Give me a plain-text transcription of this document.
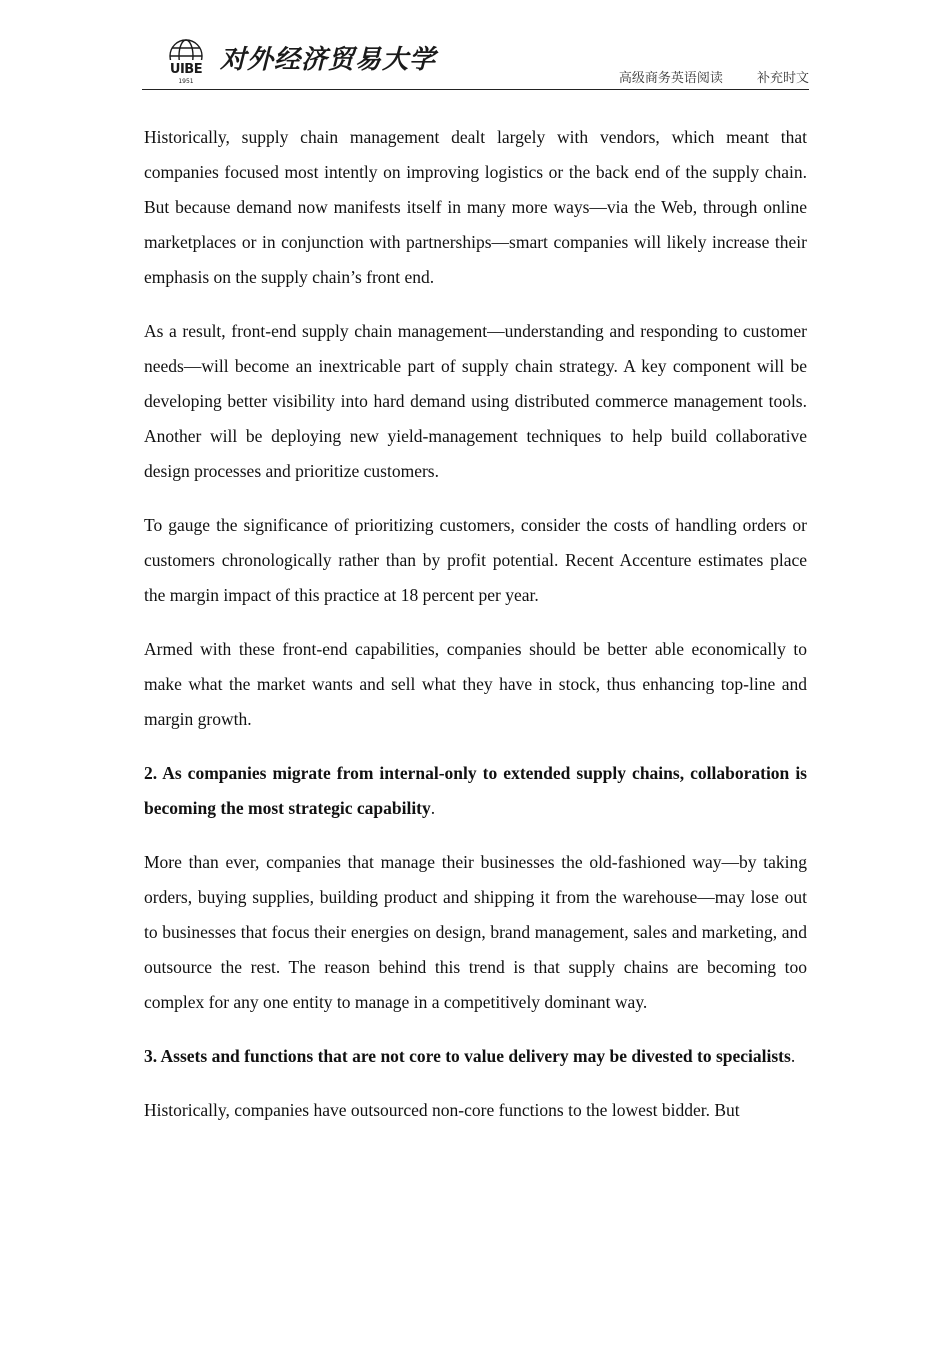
UIBE
1951
对外经济贸易大学
高级商务英语阅读	补充时文

Historically, supply chain management dealt largely with vendors, which meant that companies focused most intently on improving logistics or the back end of the supply chain. But because demand now manifests itself in many more ways—via the Web, through online marketplaces or in conjunction with partnerships—smart companies will likely increase their emphasis on the supply chain’s front end.

As a result, front-end supply chain management—understanding and responding to customer needs—will become an inextricable part of supply chain strategy. A key component will be developing better visibility into hard demand using distributed commerce management tools. Another will be deploying new yield-management techniques to help build collaborative design processes and prioritize customers.

To gauge the significance of prioritizing customers, consider the costs of handling orders or customers chronologically rather than by profit potential. Recent Accenture estimates place the margin impact of this practice at 18 percent per year.

Armed with these front-end capabilities, companies should be better able economically to make what the market wants and sell what they have in stock, thus enhancing top-line and margin growth.

2. As companies migrate from internal-only to extended supply chains, collaboration is becoming the most strategic capability.

More than ever, companies that manage their businesses the old-fashioned way—by taking orders, buying supplies, building product and shipping it from the warehouse—may lose out to businesses that focus their energies on design, brand management, sales and marketing, and outsource the rest. The reason behind this trend is that supply chains are becoming too complex for any one entity to manage in a competitively dominant way.

3. Assets and functions that are not core to value delivery may be divested to specialists.

Historically, companies have outsourced non-core functions to the lowest bidder. But
